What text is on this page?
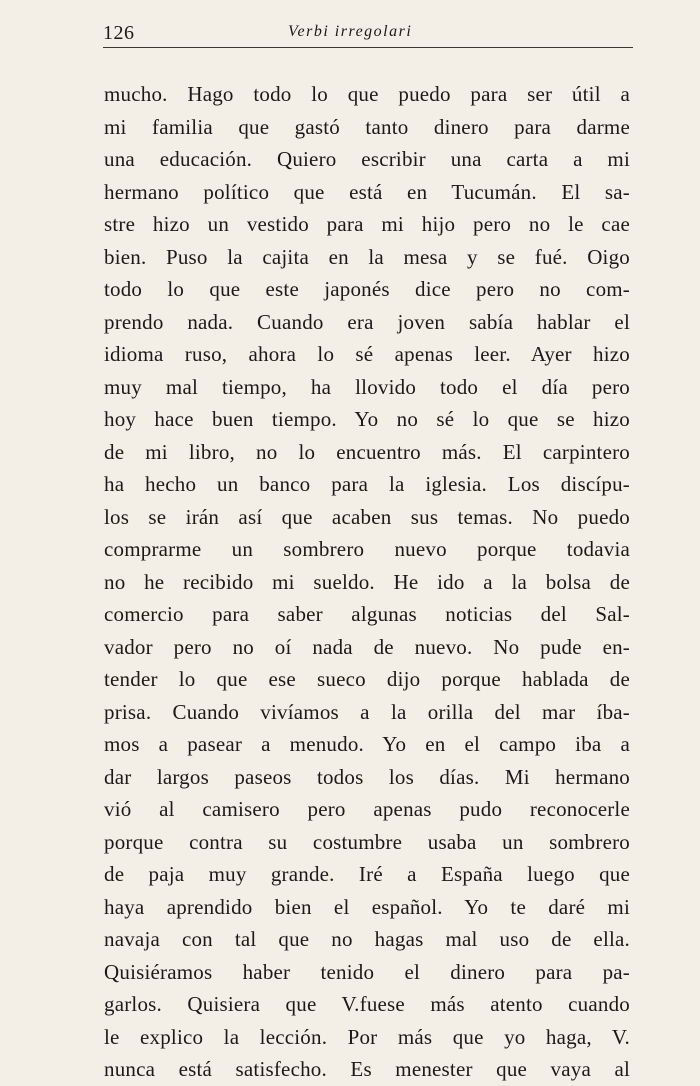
126	Verbi irregolari
mucho. Hago todo lo que puedo para ser útil a
mi familia que gastó tanto dinero para darme
una educación. Quiero escribir una carta a mi
hermano político que está en Tucumán. El sa-
stre hizo un vestido para mi hijo pero no le cae
bien. Puso la cajita en la mesa y se fué. Oigo
todo lo que este japonés dice pero no com-
prendo nada. Cuando era joven sabía hablar el
idioma ruso, ahora lo sé apenas leer. Ayer hizo
muy mal tiempo, ha llovido todo el día pero
hoy hace buen tiempo. Yo no sé lo que se hizo
de mi libro, no lo encuentro más. El carpintero
ha hecho un banco para la iglesia. Los discípu-
los se irán así que acaben sus temas. No puedo
comprarme un sombrero nuevo porque todavia
no he recibido mi sueldo. He ido a la bolsa de
comercio para saber algunas noticias del Sal-
vador pero no oí nada de nuevo. No pude en-
tender lo que ese sueco dijo porque hablada de
prisa. Cuando vivíamos a la orilla del mar íba-
mos a pasear a menudo. Yo en el campo iba a
dar largos paseos todos los días. Mi hermano
vió al camisero pero apenas pudo reconocerle
porque contra su costumbre usaba un sombrero
de paja muy grande. Iré a España luego que
haya aprendido bien el español. Yo te daré mi
navaja con tal que no hagas mal uso de ella.
Quisiéramos haber tenido el dinero para pa-
garlos. Quisiera que V.fuese más atento cuando
le explico la lección. Por más que yo haga, V.
nunca está satisfecho. Es menester que vaya al
